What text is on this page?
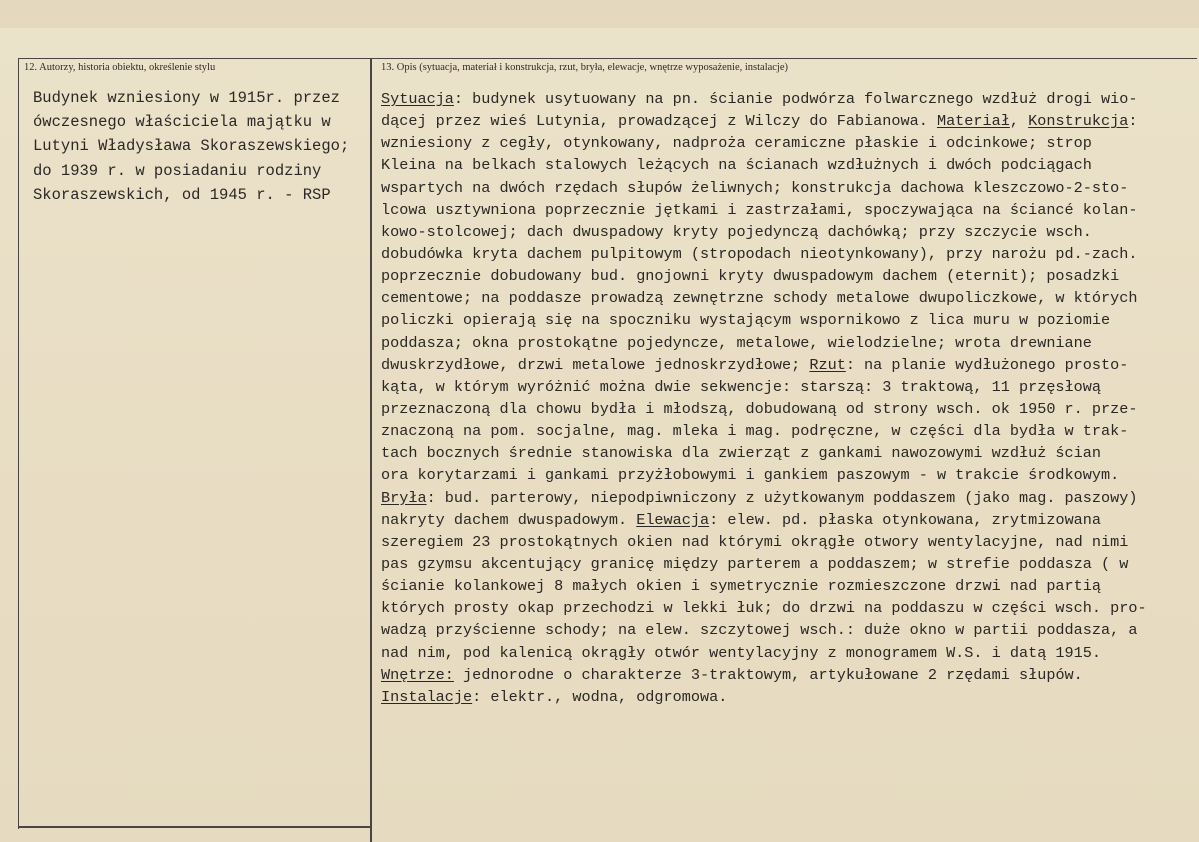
12. Autorzy, historia obiektu, określenie stylu	13. Opis (sytuacja, materiał i konstrukcja, rzut, bryła, elewacje, wnętrze wyposażenie, instalacje)
Budynek wzniesiony w 1915r. przez
ówczesnego właściciela majątku w
Lutyni Władysława Skoraszewskiego;
do 1939 r. w posiadaniu rodziny
Skoraszewskich, od 1945 r. - RSP
Sytuacja: budynek usytuowany na pn. ścianie podwórza folwarcznego wzdłuż drogi wio-
dącej przez wieś Lutynia, prowadzącej z Wilczy do Fabianowa. Materiał, Konstrukcja:
wzniesiony z cegły, otynkowany, nadproża ceramiczne płaskie i odcinkowe; strop
Kleina na belkach stalowych leżących na ścianach wzdłużnych i dwóch podciągach
wspartych na dwóch rzędach słupów żeliwnych; konstrukcja dachowa kleszczowo-2-sto-
lcowa usztywniona poprzecznie jętkami i zastrzałami, spoczywająca na ściancé kolan-
kowo-stolcowej; dach dwuspadowy kryty pojedynczą dachówką; przy szczycie wsch.
dobudówka kryta dachem pulpitowym (stropodach nieotynkowany), przy narożu pd.-zach.
poprzecznie dobudowany bud. gnojowni kryty dwuspadowym dachem (eternit); posadzki
cementowe; na poddasze prowadzą zewnętrzne schody metalowe dwupoliczkowe, w których
policzki opierają się na spoczniku wystającym wspornikowo z lica muru w poziomie
poddasza; okna prostokątne pojedyncze, metalowe, wielodzielne; wrota drewniane
dwuskrzydłowe, drzwi metalowe jednoskrzydłowe; Rzut: na planie wydłużonego prosto-
kąta, w którym wyróżnić można dwie sekwencje: starszą: 3 traktową, 11 przęsłową
przeznaczoną dla chowu bydła i młodszą, dobudowaną od strony wsch. ok 1950 r. prze-
znaczoną na pom. socjalne, mag. mleka i mag. podręczne, w części dla bydła w trak-
tach bocznych średnie stanowiska dla zwierząt z gankami nawozowymi wzdłuż ścian
ora korytarzami i gankami przyżłobowymi i gankiem paszowym - w trakcie środkowym.
Bryła: bud. parterowy, niepodpiwniczony z użytkowanym poddaszem (jako mag. paszowy)
nakryty dachem dwuspadowym. Elewacja: elew. pd. płaska otynkowana, zrytmizowana
szeregiem 23 prostokątnych okien nad którymi okrągłe otwory wentylacyjne, nad nimi
pas gzymsu akcentujący granicę między parterem a poddaszem; w strefie poddasza ( w
ścianie kolankowej 8 małych okien i symetrycznie rozmieszczone drzwi nad partią
których prosty okap przechodzi w lekki łuk; do drzwi na poddaszu w części wsch. pro-
wadzą przyścienne schody; na elew. szczytowej wsch.: duże okno w partii poddasza, a
nad nim, pod kalenicą okrągły otwór wentylacyjny z monogramem W.S. i datą 1915.
Wnętrze: jednorodne o charakterze 3-traktowym, artykułowane 2 rzędami słupów.
Instalacje: elektr., wodna, odgromowa.
